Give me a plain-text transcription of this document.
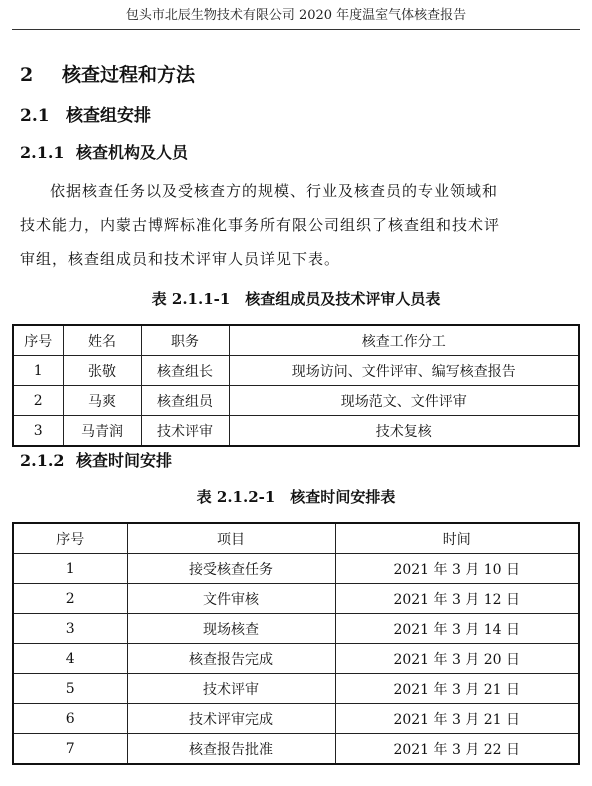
包头市北辰生物技术有限公司 2020 年度温室气体核查报告
2 核查过程和方法
2.1 核查组安排
2.1.1 核查机构及人员
依据核查任务以及受核查方的规模、行业及核查员的专业领域和
技术能力，内蒙古博辉标准化事务所有限公司组织了核查组和技术评
审组，核查组成员和技术评审人员详见下表。
表 2.1.1-1　核查组成员及技术评审人员表
序号	姓名	职务	核查工作分工
1	张敬	核查组长	现场访问、文件评审、编写核查报告
2	马爽	核查组员	现场范文、文件评审
3	马青润	技术评审	技术复核
2.1.2 核查时间安排
表 2.1.2-1　核查时间安排表
序号	项目	时间
1	接受核查任务	2021 年 3 月 10 日
2	文件审核	2021 年 3 月 12 日
3	现场核查	2021 年 3 月 14 日
4	核查报告完成	2021 年 3 月 20 日
5	技术评审	2021 年 3 月 21 日
6	技术评审完成	2021 年 3 月 21 日
7	核查报告批准	2021 年 3 月 22 日
